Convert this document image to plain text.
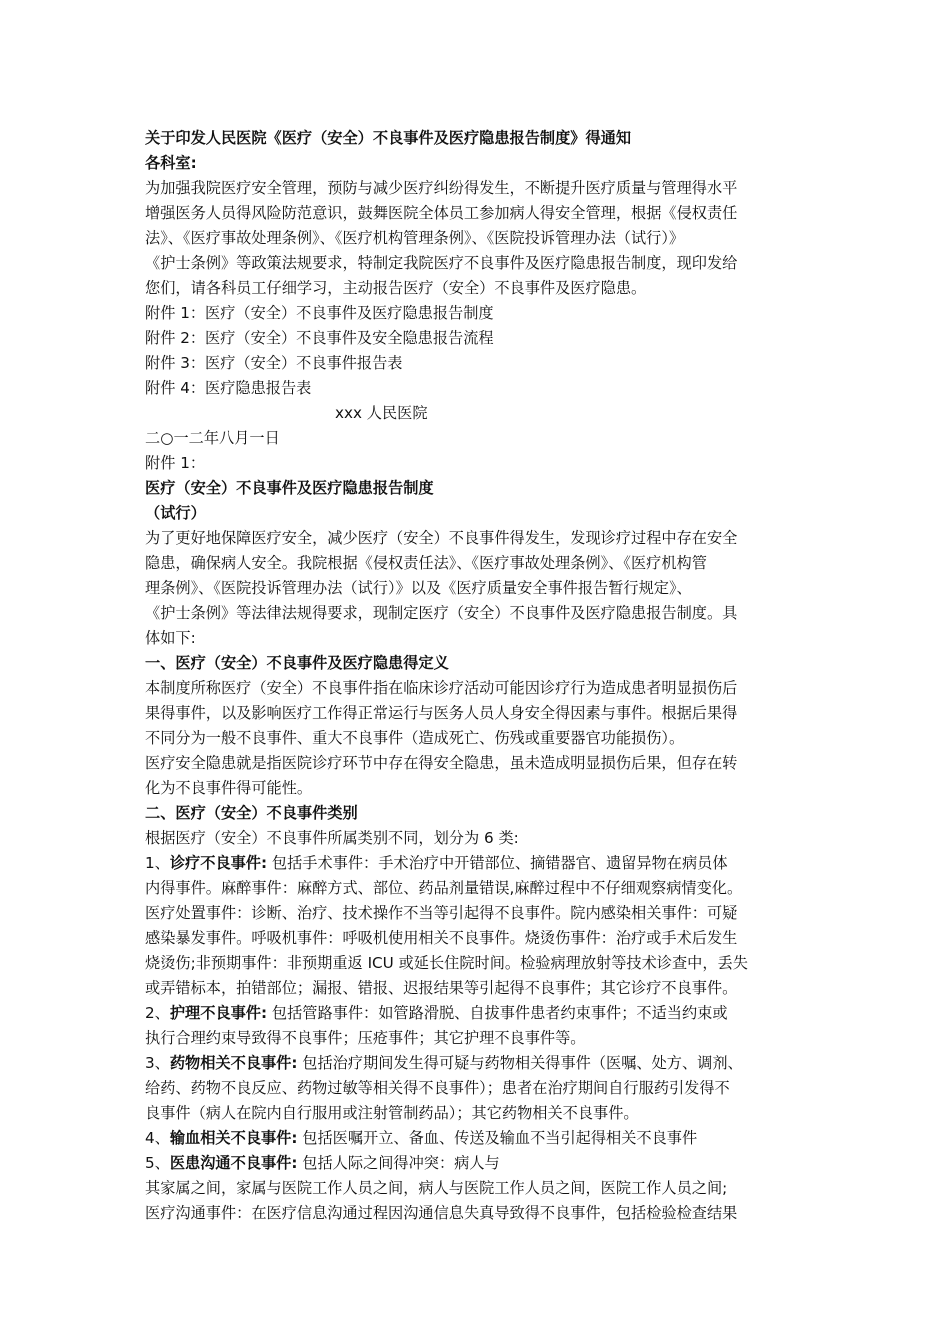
关于印发人民医院《医疗（安全）不良事件及医疗隐患报告制度》得通知
各科室:
为加强我院医疗安全管理，预防与减少医疗纠纷得发生，不断提升医疗质量与管理得水平
增强医务人员得风险防范意识，鼓舞医院全体员工参加病人得安全管理，根据《侵权责任
法》、《医疗事故处理条例》、《医疗机构管理条例》、《医院投诉管理办法（试行）》
《护士条例》等政策法规要求，特制定我院医疗不良事件及医疗隐患报告制度，现印发给
您们，请各科员工仔细学习，主动报告医疗（安全）不良事件及医疗隐患。
附件 1：医疗（安全）不良事件及医疗隐患报告制度
附件 2：医疗（安全）不良事件及安全隐患报告流程
附件 3：医疗（安全）不良事件报告表
附件 4：医疗隐患报告表
xxx 人民医院
二○一二年八月一日
附件 1：
医疗（安全）不良事件及医疗隐患报告制度
（试行）
为了更好地保障医疗安全，减少医疗（安全）不良事件得发生，发现诊疗过程中存在安全
隐患，确保病人安全。我院根据《侵权责任法》、《医疗事故处理条例》、《医疗机构管
理条例》、《医院投诉管理办法（试行）》以及《医疗质量安全事件报告暂行规定》、
《护士条例》等法律法规得要求，现制定医疗（安全）不良事件及医疗隐患报告制度。具
体如下:
一、医疗（安全）不良事件及医疗隐患得定义
本制度所称医疗（安全）不良事件指在临床诊疗活动可能因诊疗行为造成患者明显损伤后
果得事件，以及影响医疗工作得正常运行与医务人员人身安全得因素与事件。根据后果得
不同分为一般不良事件、重大不良事件（造成死亡、伤残或重要器官功能损伤）。
医疗安全隐患就是指医院诊疗环节中存在得安全隐患，虽未造成明显损伤后果，但存在转
化为不良事件得可能性。
二、医疗（安全）不良事件类别
根据医疗（安全）不良事件所属类别不同，划分为 6 类:
1、诊疗不良事件: 包括手术事件：手术治疗中开错部位、摘错器官、遗留异物在病员体
内得事件。麻醉事件：麻醉方式、部位、药品剂量错误,麻醉过程中不仔细观察病情变化。
医疗处置事件：诊断、治疗、技术操作不当等引起得不良事件。院内感染相关事件：可疑
感染暴发事件。呼吸机事件：呼吸机使用相关不良事件。烧烫伤事件：治疗或手术后发生
烧烫伤;非预期事件：非预期重返 ICU 或延长住院时间。检验病理放射等技术诊查中，丢失
或弄错标本，拍错部位；漏报、错报、迟报结果等引起得不良事件；其它诊疗不良事件。
2、护理不良事件: 包括管路事件：如管路滑脱、自拔事件患者约束事件；不适当约束或
执行合理约束导致得不良事件；压疮事件；其它护理不良事件等。
3、药物相关不良事件: 包括治疗期间发生得可疑与药物相关得事件（医嘱、处方、调剂、
给药、药物不良反应、药物过敏等相关得不良事件）；患者在治疗期间自行服药引发得不
良事件（病人在院内自行服用或注射管制药品）；其它药物相关不良事件。
4、输血相关不良事件: 包括医嘱开立、备血、传送及输血不当引起得相关不良事件
5、医患沟通不良事件: 包括人际之间得冲突：病人与
其家属之间，家属与医院工作人员之间，病人与医院工作人员之间，医院工作人员之间;
医疗沟通事件：在医疗信息沟通过程因沟通信息失真导致得不良事件，包括检验检查结果
